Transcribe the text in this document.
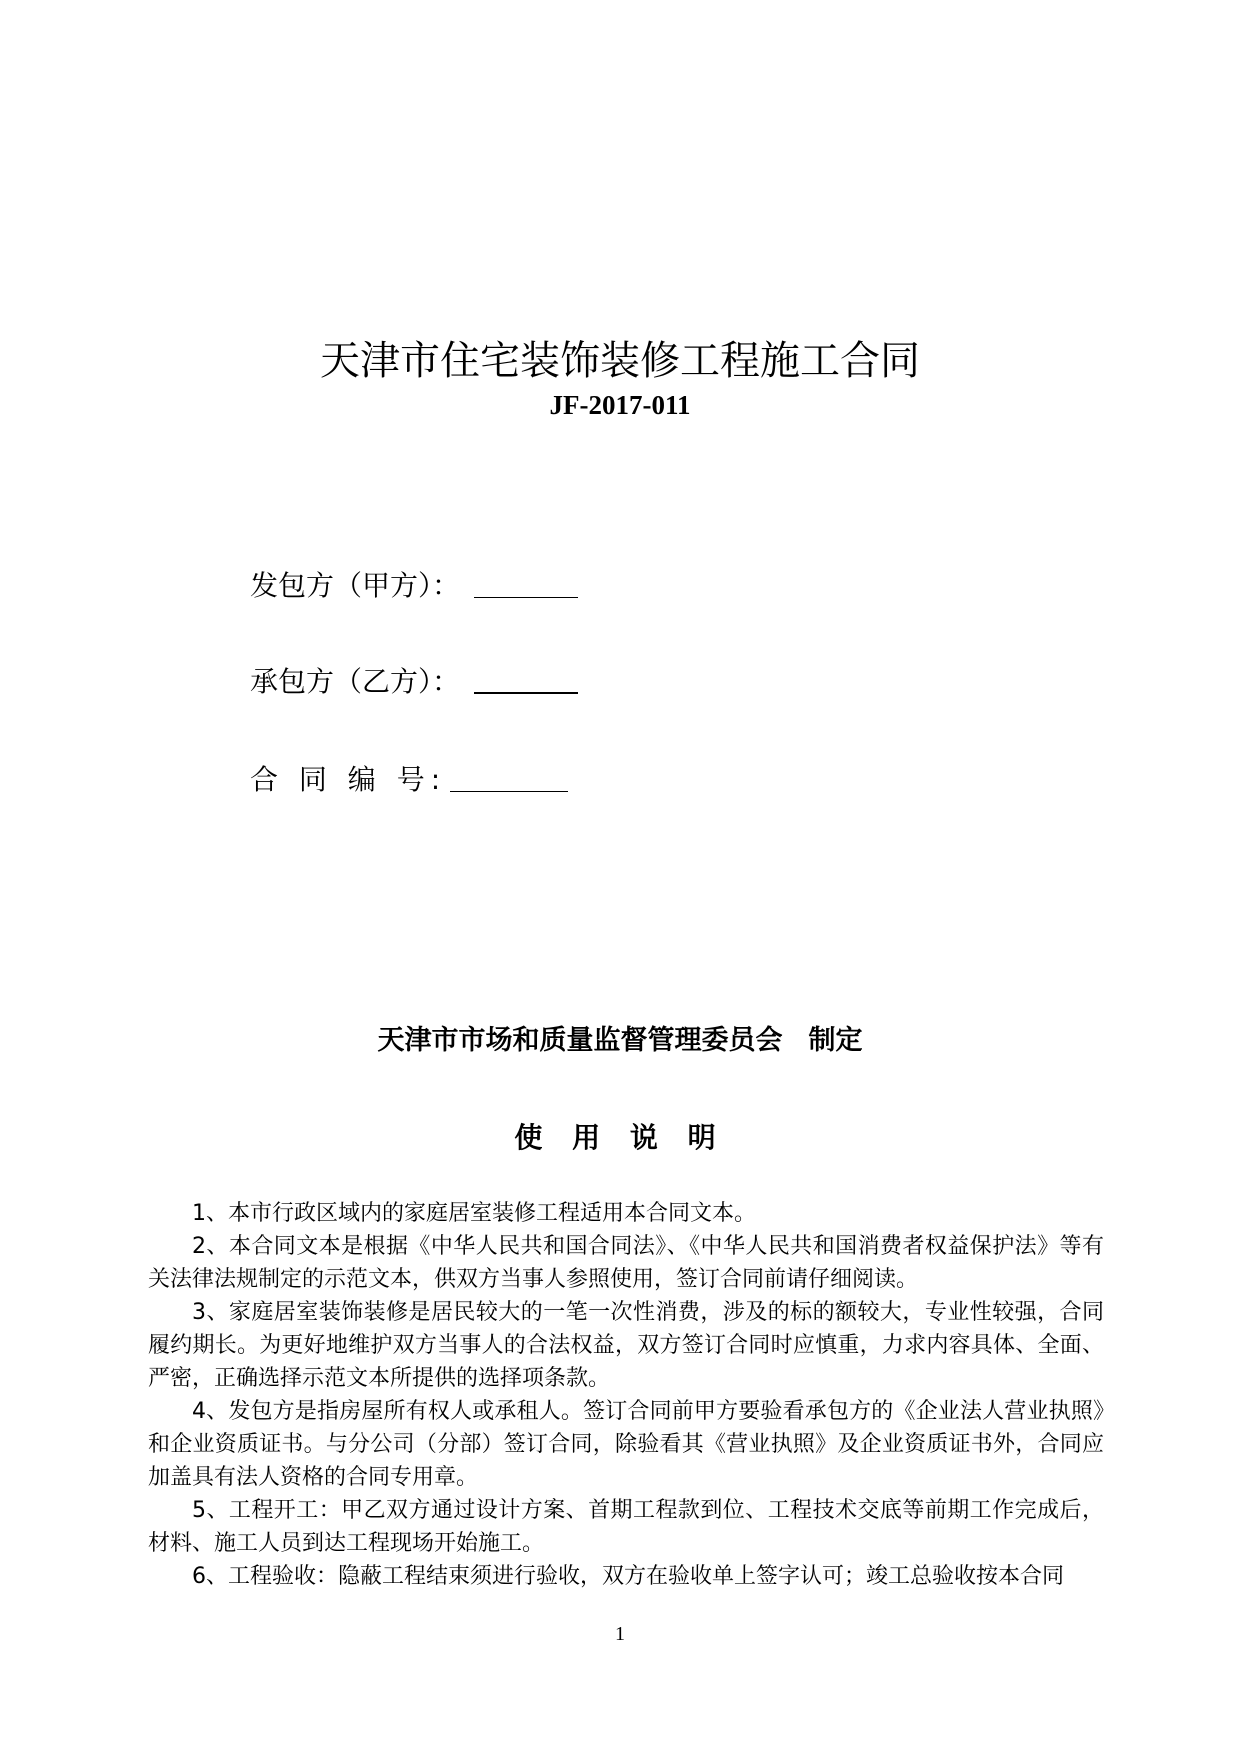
天津市住宅装饰装修工程施工合同
JF-2017-011
发包方（甲方）：
承包方（乙方）：
合 同 编 号:
天津市市场和质量监督管理委员会 制定
使 用 说 明

1、本市行政区域内的家庭居室装修工程适用本合同文本。

2、本合同文本是根据《中华人民共和国合同法》、《中华人民共和国消费者权益保护法》等有关法律法规制定的示范文本，供双方当事人参照使用，签订合同前请仔细阅读。

3、家庭居室装饰装修是居民较大的一笔一次性消费，涉及的标的额较大，专业性较强，合同履约期长。为更好地维护双方当事人的合法权益，双方签订合同时应慎重，力求内容具体、全面、严密，正确选择示范文本所提供的选择项条款。

4、发包方是指房屋所有权人或承租人。签订合同前甲方要验看承包方的《企业法人营业执照》和企业资质证书。与分公司（分部）签订合同，除验看其《营业执照》及企业资质证书外，合同应加盖具有法人资格的合同专用章。

5、工程开工：甲乙双方通过设计方案、首期工程款到位、工程技术交底等前期工作完成后，材料、施工人员到达工程现场开始施工。

6、工程验收：隐蔽工程结束须进行验收，双方在验收单上签字认可；竣工总验收按本合同

1
